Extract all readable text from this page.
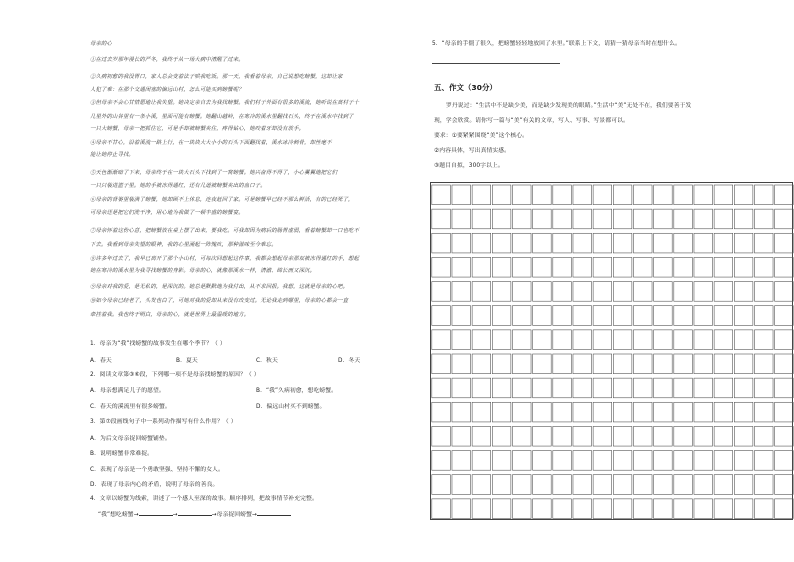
母亲的心
①在过去岁那年漫长的严冬，我终于从一场大病中清醒了过来。
②久病初愈的我没胃口，家人总会变着法子哄我吃饭。那一天，我看着母亲，自己说想吃螃蟹，这却让家
人犯了难：在那个交通闭塞的偏远山村，怎么可能买到螃蟹呢？
③但母亲不会心甘情愿地让我失望。她决定亲自去为我找螃蟹。我们村子外面有很多的溪流，她听说在离村子十
几里外的山谷里有一条小溪，里面可能有螃蟹。她翻山越岭，在寒冷的溪水里翻找石头，终于在溪水中找到了
一只大螃蟹，母亲一把抓住它，可是手却被螃蟹夹住，疼得钻心，她咬着牙却没有放手。
④母亲不甘心，沿着溪流一路上行，在一块块大大小小的石头下面翻找着，溪水冰冷刺骨，却丝毫不
能让她停止寻找。
⑤天色渐渐暗了下来，母亲终于在一块大石头下找到了一窝螃蟹。她兴奋得不得了，小心翼翼地把它们
一只只装进篮子里。她的手被冻得通红，还有几道被螃蟹夹出的血口子。
⑥母亲的背篓里装满了螃蟹，她却顾不上休息，连夜赶回了家。可是螃蟹早已经不那么鲜活，有的已经死了，
可母亲还是把它们洗干净，用心地为我做了一顿丰盛的螃蟹宴。
⑦母亲怀着这份心意，把螃蟹放在桌上摆了出来，要我吃。可我却因为病后的肠胃虚弱，看着螃蟹却一口也吃不
下去。我看到母亲失望的眼神，我的心里涌起一阵愧疚，那种滋味至今难忘。
⑧许多年过去了，我早已离开了那个小山村，可每次回想起这件事，我都会想起母亲那双被冻得通红的手，想起
她在寒冷的溪水里为我寻找螃蟹的身影。母亲的心，就像那溪水一样，清澈、绵长而又深沉。
⑨母亲对我的爱，是无私的，是深沉的。她总是默默地为我付出，从不求回报。我想，这就是母亲的心吧。
⑩如今母亲已经老了，头发也白了，可她对我的爱却从来没有改变过。无论我走到哪里，母亲的心都会一直
牵挂着我。我也终于明白，母亲的心，就是世界上最温暖的地方。
1．母亲为“我”找螃蟹的故事发生在哪个季节？（ ）
A．春天	B．夏天	C．秋天	D．冬天
2．阅读文章第③⑥段，下列哪一项不是母亲找螃蟹的原因？（ ）
A．母亲想满足儿子的愿望。	B．“我”久病初愈，想吃螃蟹。
C．春天的溪流里有很多螃蟹。	D．偏远山村买不到螃蟹。
3．第⑦段画线句子中一系列动作描写有什么作用？（ ）
A．为后文母亲捉回螃蟹铺垫。
B．说明螃蟹非常难捉。
C．表现了母亲是一个勇敢坚强、坚持不懈的女人。
D．表现了母亲内心的矛盾，说明了母亲的善良。
4．文章以螃蟹为线索，讲述了一个感人至深的故事。顺序排列，把故事情节补充完整。
“我”想吃螃蟹→	→	→母亲捉回螃蟹→
5．“母亲的手僵了很久，把螃蟹轻轻地放回了水里。”联系上下文，请猜一猜母亲当时在想什么。
五、作文（30分）
罗丹说过：“生活中不是缺少美，而是缺少发现美的眼睛。”生活中“美”无处不在，我们要善于发
现，学会欣赏。请你写一篇与“美”有关的文章，写人、写事、写景都可以。
要求：①要紧紧围绕“美”这个核心。
②内容具体，写出真情实感。
③题目自拟，300字以上。
